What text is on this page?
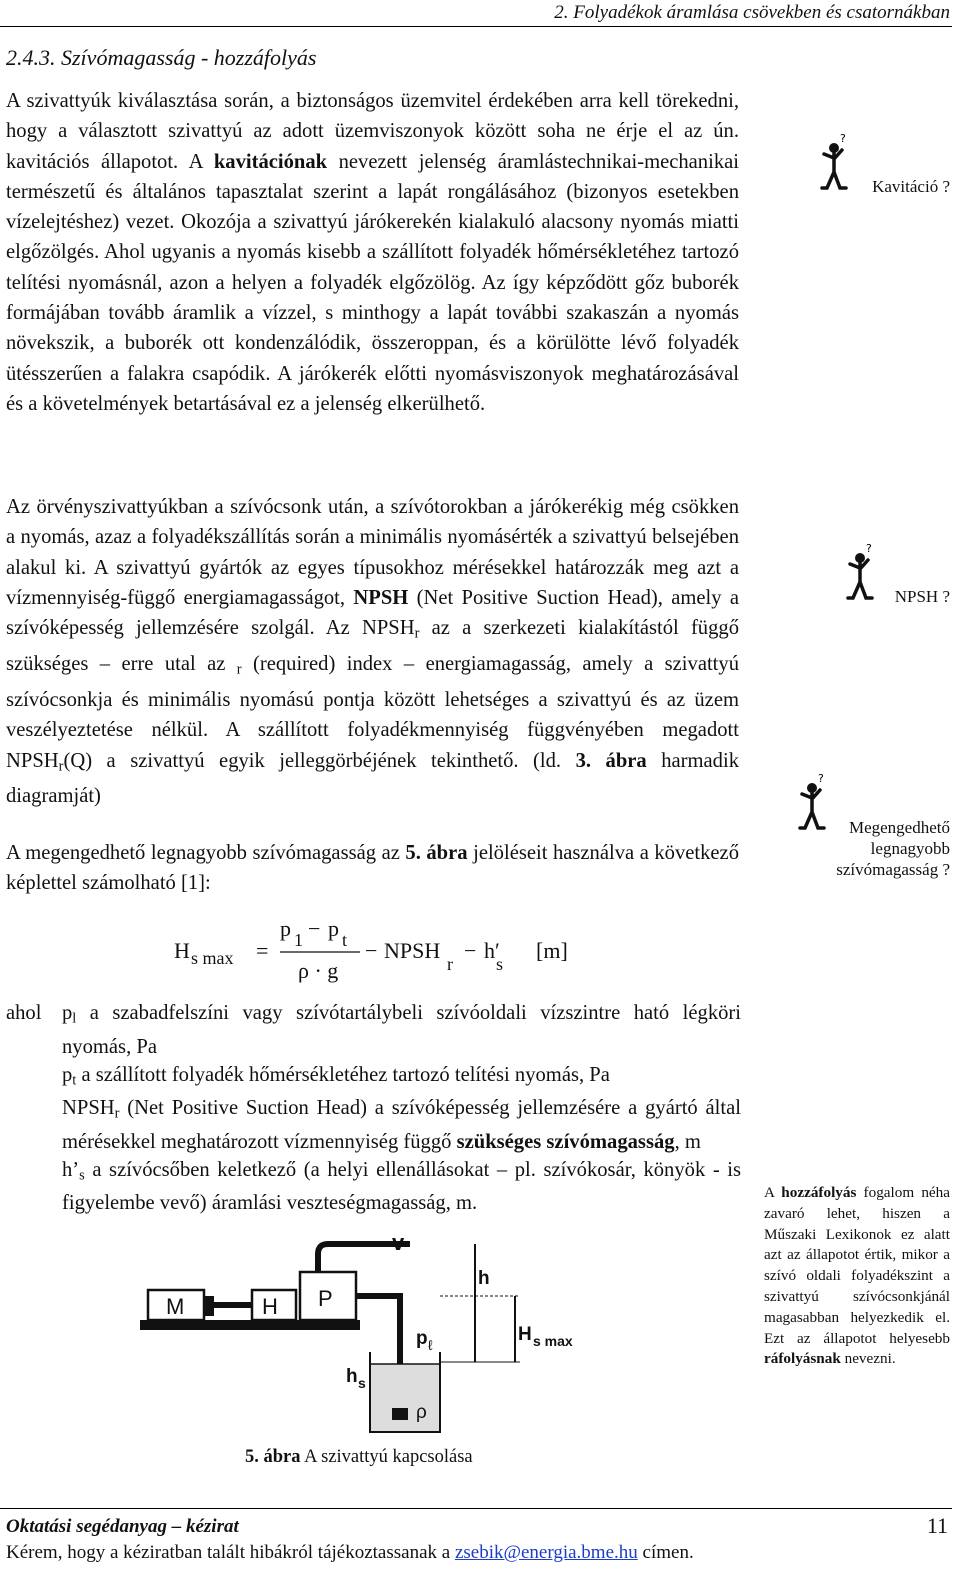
2. Folyadékok áramlása csövekben és csatornákban
2.4.3. Szívómagasság - hozzáfolyás

A szivattyúk kiválasztása során, a biztonságos üzemvitel érdekében arra kell törekedni, hogy a választott szivattyú az adott üzemviszonyok között soha ne érje el az ún. kavitációs állapotot. A kavitációnak nevezett jelenség áramlástechnikai-mechanikai természetű és általános tapasztalat szerint a lapát rongálásához (bizonyos esetekben vízelejtéshez) vezet. Okozója a szivattyú járókerekén kialakuló alacsony nyomás miatti elgőzölgés. Ahol ugyanis a nyomás kisebb a szállított folyadék hőmérsékletéhez tartozó telítési nyomásnál, azon a helyen a folyadék elgőzölög. Az így képződött gőz buborék formájában tovább áramlik a vízzel, s minthogy a lapát további szakaszán a nyomás növekszik, a buborék ott kondenzálódik, összeroppan, és a körülötte lévő folyadék ütésszerűen a falakra csapódik. A járókerék előtti nyomásviszonyok meghatározásával és a követelmények betartásával ez a jelenség elkerülhető.

Az örvényszivattyúkban a szívócsonk után, a szívótorokban a járókerékig még csökken a nyomás, azaz a folyadékszállítás során a minimális nyomásérték a szivattyú belsejében alakul ki. A szivattyú gyártók az egyes típusokhoz mérésekkel határozzák meg azt a vízmennyiség-függő energiamagasságot, NPSH (Net Positive Suction Head), amely a szívóképesség jellemzésére szolgál. Az $NPSH_r$ az a szerkezeti kialakítástól függő szükséges – erre utal az $_r$ (required) index – energiamagasság, amely a szivattyú szívócsonkja és minimális nyomású pontja között lehetséges a szivattyú és az üzem veszélyeztetése nélkül. A szállított folyadékmennyiség függvényében megadott $NPSH_r(Q)$ a szivattyú egyik jelleggörbéjének tekinthető. (ld. 3. ábra harmadik diagramját)

A megengedhető legnagyobb szívómagasság az 5. ábra jelöléseit használva a következő képlettel számolható [1]:

H s max =
p 1 − p t
ρ · g
− NPSH
r
− h′
s
[m]
ahol $p_l$ a szabadfelszíni vagy szívótartálybeli szívóoldali vízszintre ható légköri nyomás, Pa
$p_t$ a szállított folyadék hőmérsékletéhez tartozó telítési nyomás, Pa
$NPSH_r$ (Net Positive Suction Head) a szívóképesség jellemzésére a gyártó által mérésekkel meghatározott vízmennyiség függő szükséges szívómagasság, m
$h’_s$ a szívócsőben keletkező (a helyi ellenállásokat – pl. szívókosár, könyök - is figyelembe vevő) áramlási veszteségmagasság, m.
?
Kavitáció ?
?
NPSH ?
?
Megengedhető
legnagyobb
szívómagasság ?
A hozzáfolyás fogalom néha zavaró lehet, hiszen a Műszaki Lexikonok ez alatt azt az állapotot értik, mikor a szívó oldali folyadékszint a szivattyú szívócsonkjánál magasabban helyezkedik el. Ezt az állapotot helyesebb ráfolyásnak nevezni.
M	H P
v
h
H s max
p ℓ
h s
ρ
5. ábra A szivattyú kapcsolása
Oktatási segédanyag – kézirat	11
Kérem, hogy a kéziratban talált hibákról tájékoztassanak a zsebik@energia.bme.hu címen.
